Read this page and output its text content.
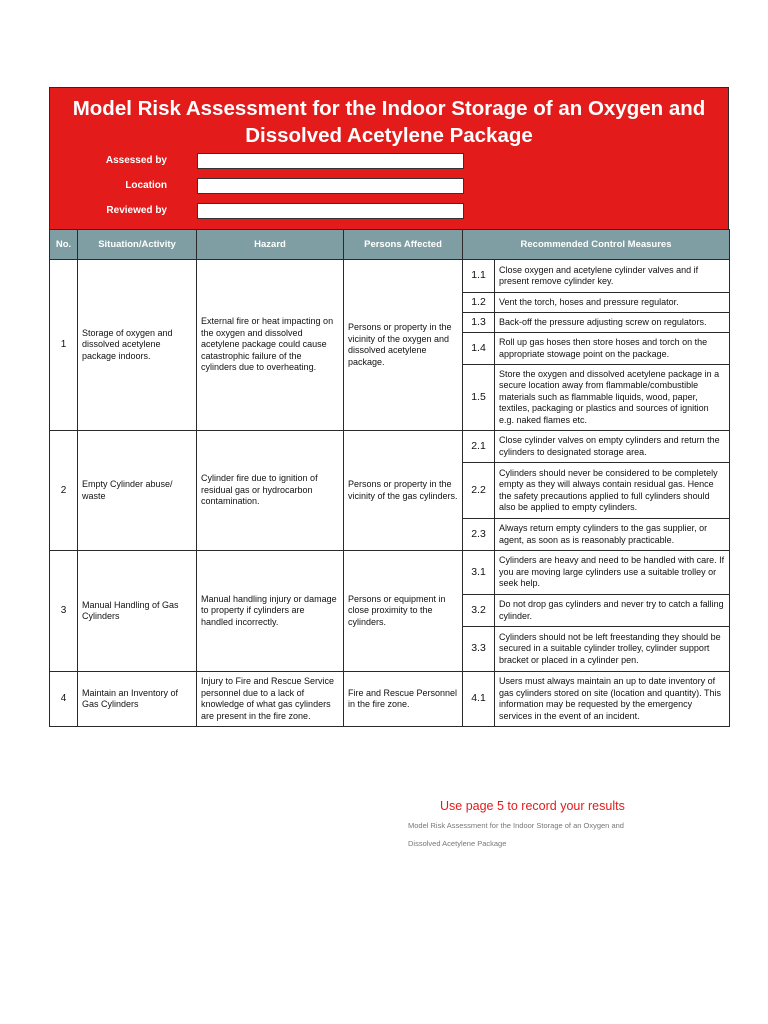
Model Risk Assessment for the Indoor Storage of an Oxygen and
Dissolved Acetylene Package
Assessed by
Location
Reviewed by
No.	Situation/Activity	Hazard	Persons Affected	Recommended Control Measures	
1	Storage of oxygen and dissolved acetylene package indoors.	External fire or heat impacting on the oxygen and dissolved acetylene package could cause catastrophic failure of the cylinders due to overheating.	Persons or property in the vicinity of the oxygen and dissolved acetylene package.	1.1	Close oxygen and acetylene cylinder valves and if present remove cylinder key.
				1.2	Vent the torch, hoses and pressure regulator.
				1.3	Back-off the pressure adjusting screw on regulators.
				1.4	Roll up gas hoses then store hoses and torch on the appropriate stowage point on the package.
				1.5	Store the oxygen and dissolved acetylene package in a secure location away from flammable/combustible materials such as flammable liquids, wood, paper, textiles, packaging or plastics and sources of ignition e.g. naked flames etc.
2	Empty Cylinder abuse/ waste	Cylinder fire due to ignition of residual gas or hydrocarbon contamination.	Persons or property in the vicinity of the gas cylinders.	2.1	Close cylinder valves on empty cylinders and return the cylinders to designated storage area.
				2.2	Cylinders should never be considered to be completely empty as they will always contain residual gas. Hence the safety precautions applied to full cylinders should also be applied to empty cylinders.
				2.3	Always return empty cylinders to the gas supplier, or agent, as soon as is reasonably practicable.
3	Manual Handling of Gas Cylinders	Manual handling injury or damage to property if cylinders are handled incorrectly.	Persons or equipment in close proximity to the cylinders.	3.1	Cylinders are heavy and need to be handled with care. If you are moving large cylinders use a suitable trolley or seek help.
				3.2	Do not drop gas cylinders and never try to catch a falling cylinder.
				3.3	Cylinders should not be left freestanding they should be secured in a suitable cylinder trolley, cylinder support bracket or placed in a cylinder pen.
4	Maintain an Inventory of Gas Cylinders	Injury to Fire and Rescue Service personnel due to a lack of knowledge of what gas cylinders are present in the fire zone.	Fire and Rescue Personnel in the fire zone.	4.1	Users must always maintain an up to date inventory of gas cylinders stored on site (location and quantity). This information may be requested by the emergency services in the event of an incident.
Use page 5 to record your results
Model Risk Assessment for the Indoor Storage of an Oxygen and
Dissolved Acetylene Package
